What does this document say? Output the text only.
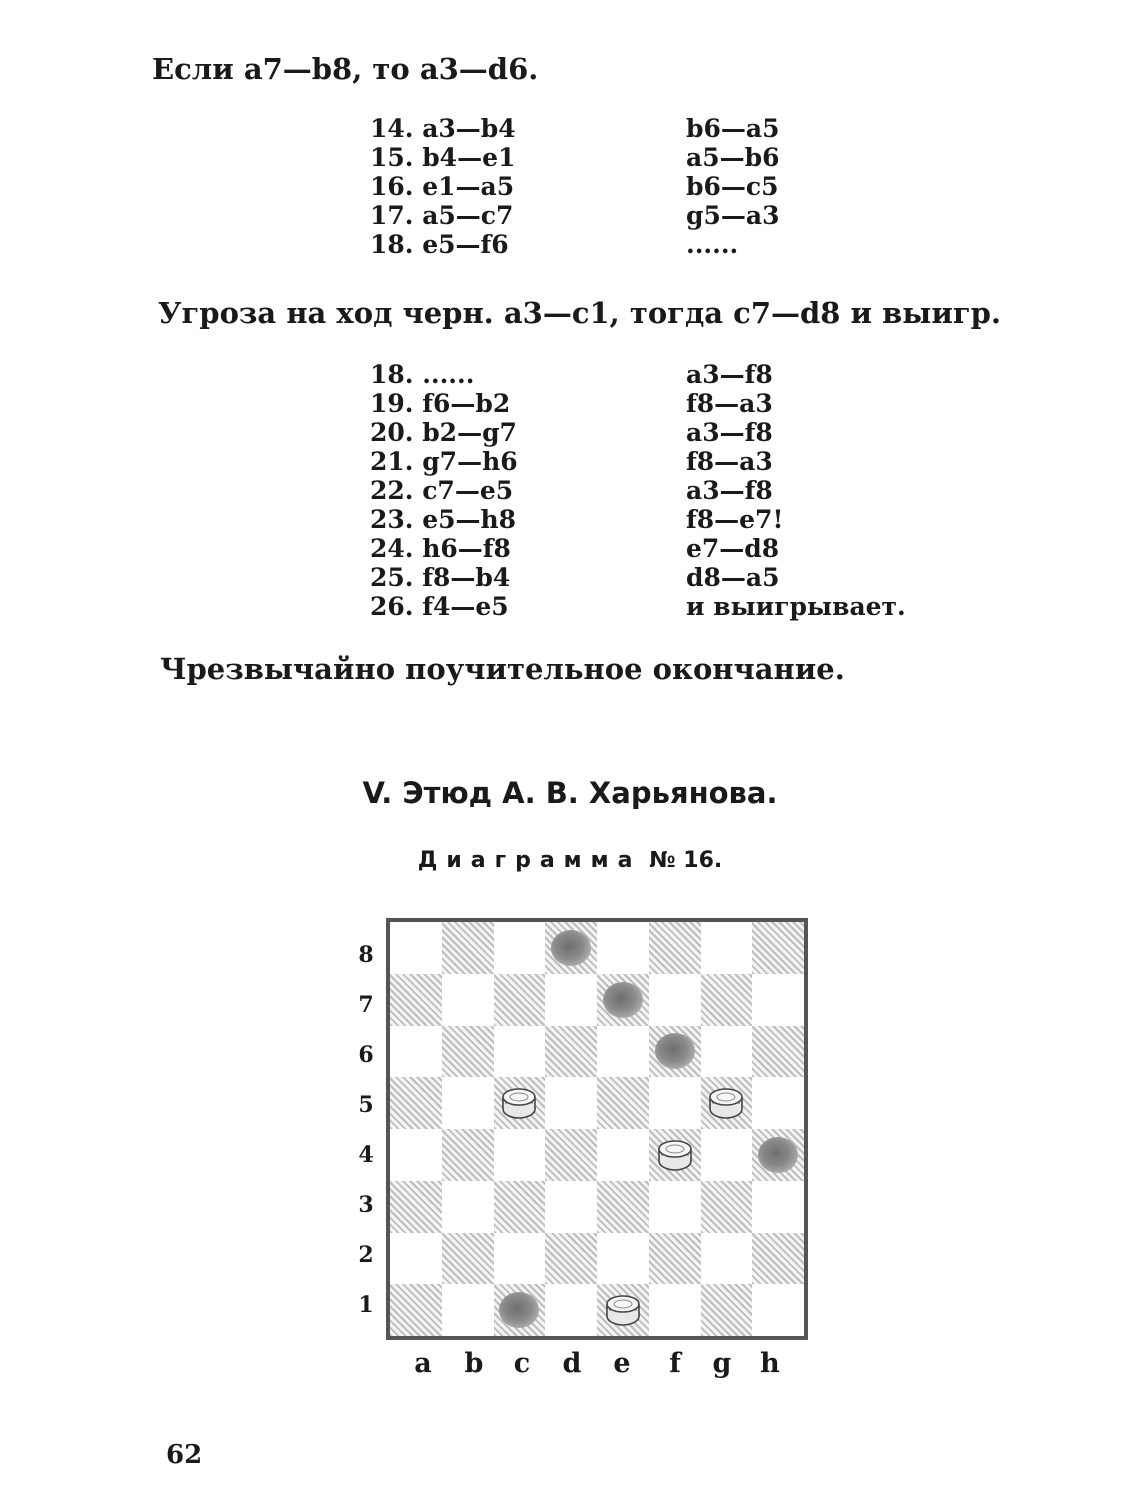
Если a7—b8, то a3—d6.
14. a3—b4	b6—a5
15. b4—e1	a5—b6
16. e1—a5	b6—c5
17. a5—c7	g5—a3
18. e5—f6	......
Угроза на ход черн. a3—c1, тогда c7—d8 и выигр.
18. ......	a3—f8
19. f6—b2	f8—a3
20. b2—g7	a3—f8
21. g7—h6	f8—a3
22. c7—e5	a3—f8
23. e5—h8	f8—e7!
24. h6—f8	e7—d8
25. f8—b4	d8—a5
26. f4—e5	и выигрывает.
Чрезвычайно поучительное окончание.
V. Этюд А. В. Харьянова.
Диаграмма № 16.
8
7
6
5
4
3
2
1
a b c d e	f	g h
62
